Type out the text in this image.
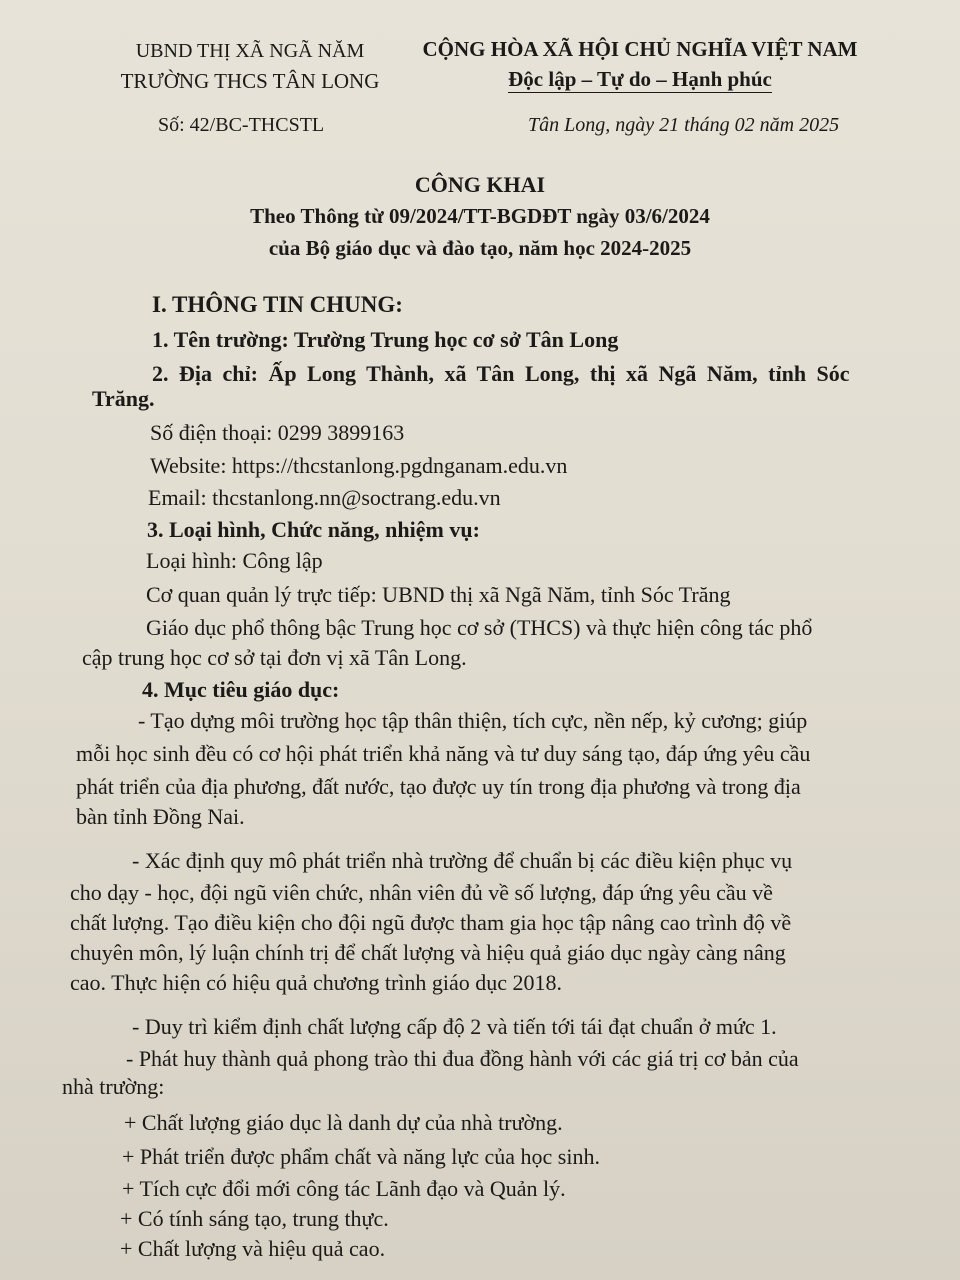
UBND THỊ XÃ NGÃ NĂM
TRƯỜNG THCS TÂN LONG
CỘNG HÒA XÃ HỘI CHỦ NGHĨA VIỆT NAM
Độc lập – Tự do – Hạnh phúc
Số: 42/BC-THCSTL	Tân Long, ngày 21 tháng 02 năm 2025
CÔNG KHAI
Theo Thông từ 09/2024/TT-BGDĐT ngày 03/6/2024
của Bộ giáo dục và đào tạo, năm học 2024-2025
I. THÔNG TIN CHUNG:
1. Tên trường: Trường Trung học cơ sở Tân Long
2. Địa chỉ: Ấp Long Thành, xã Tân Long, thị xã Ngã Năm, tỉnh Sóc
Trăng.
Số điện thoại: 0299 3899163
Website: https://thcstanlong.pgdnganam.edu.vn
Email: thcstanlong.nn@soctrang.edu.vn
3. Loại hình, Chức năng, nhiệm vụ:
Loại hình: Công lập
Cơ quan quản lý trực tiếp: UBND thị xã Ngã Năm, tỉnh Sóc Trăng
Giáo dục phổ thông bậc Trung học cơ sở (THCS) và thực hiện công tác phổ
cập trung học cơ sở tại đơn vị xã Tân Long.
4. Mục tiêu giáo dục:
- Tạo dựng môi trường học tập thân thiện, tích cực, nền nếp, kỷ cương; giúp
mỗi học sinh đều có cơ hội phát triển khả năng và tư duy sáng tạo, đáp ứng yêu cầu
phát triển của địa phương, đất nước, tạo được uy tín trong địa phương và trong địa
bàn tỉnh Đồng Nai.
- Xác định quy mô phát triển nhà trường để chuẩn bị các điều kiện phục vụ
cho dạy - học, đội ngũ viên chức, nhân viên đủ về số lượng, đáp ứng yêu cầu về
chất lượng. Tạo điều kiện cho đội ngũ được tham gia học tập nâng cao trình độ về
chuyên môn, lý luận chính trị để chất lượng và hiệu quả giáo dục ngày càng nâng
cao. Thực hiện có hiệu quả chương trình giáo dục 2018.
- Duy trì kiểm định chất lượng cấp độ 2 và tiến tới tái đạt chuẩn ở mức 1.
- Phát huy thành quả phong trào thi đua đồng hành với các giá trị cơ bản của
nhà trường:
+ Chất lượng giáo dục là danh dự của nhà trường.
+ Phát triển được phẩm chất và năng lực của học sinh.
+ Tích cực đổi mới công tác Lãnh đạo và Quản lý.
+ Có tính sáng tạo, trung thực.
+ Chất lượng và hiệu quả cao.
